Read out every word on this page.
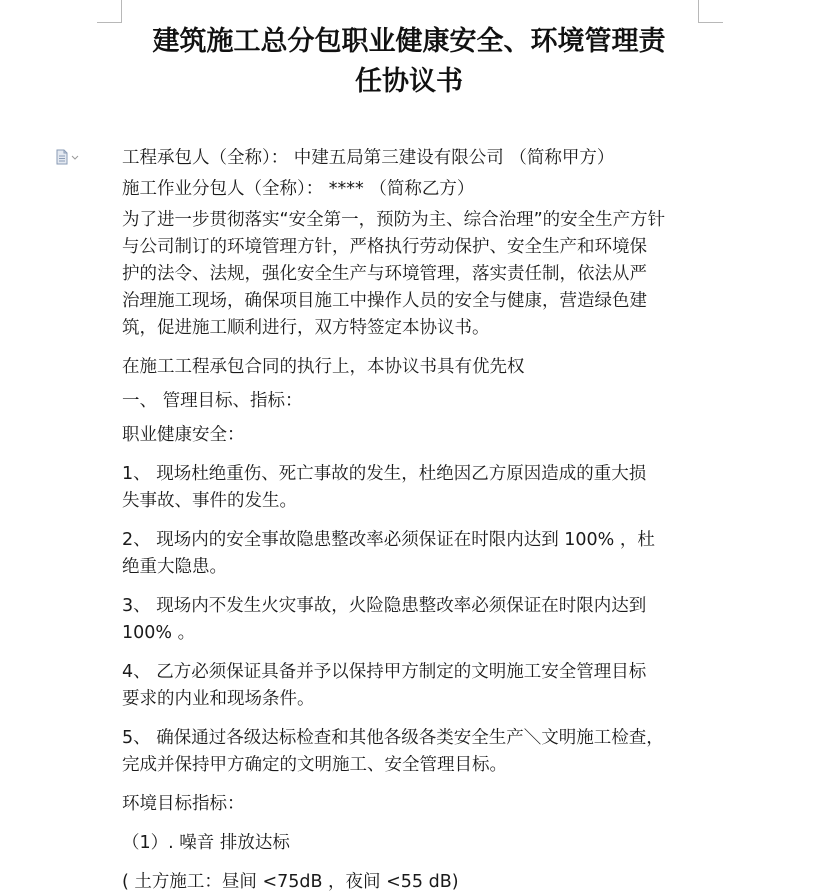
建筑施工总分包职业健康安全、环境管理责
任协议书

工程承包人（全称）： 中建五局第三建设有限公司 （简称甲方）

施工作业分包人（全称）： **** （简称乙方）

为了进一步贯彻落实“安全第一，预防为主、综合治理”的安全生产方针
与公司制订的环境管理方针，严格执行劳动保护、安全生产和环境保
护的法令、法规，强化安全生产与环境管理，落实责任制，依法从严
治理施工现场，确保项目施工中操作人员的安全与健康，营造绿色建
筑，促进施工顺利进行，双方特签定本协议书。

在施工工程承包合同的执行上，本协议书具有优先权

一、 管理目标、指标：

职业健康安全：

1、 现场杜绝重伤、死亡事故的发生，杜绝因乙方原因造成的重大损
失事故、事件的发生。

2、 现场内的安全事故隐患整改率必须保证在时限内达到 100% ，杜
绝重大隐患。

3、 现场内不发生火灾事故，火险隐患整改率必须保证在时限内达到
100% 。

4、 乙方必须保证具备并予以保持甲方制定的文明施工安全管理目标
要求的内业和现场条件。

5、 确保通过各级达标检查和其他各级各类安全生产＼文明施工检查，
完成并保持甲方确定的文明施工、安全管理目标。

环境目标指标：

（1）. 噪音 排放达标

( 土方施工：昼间 <75dB ，夜间 <55 dB)
